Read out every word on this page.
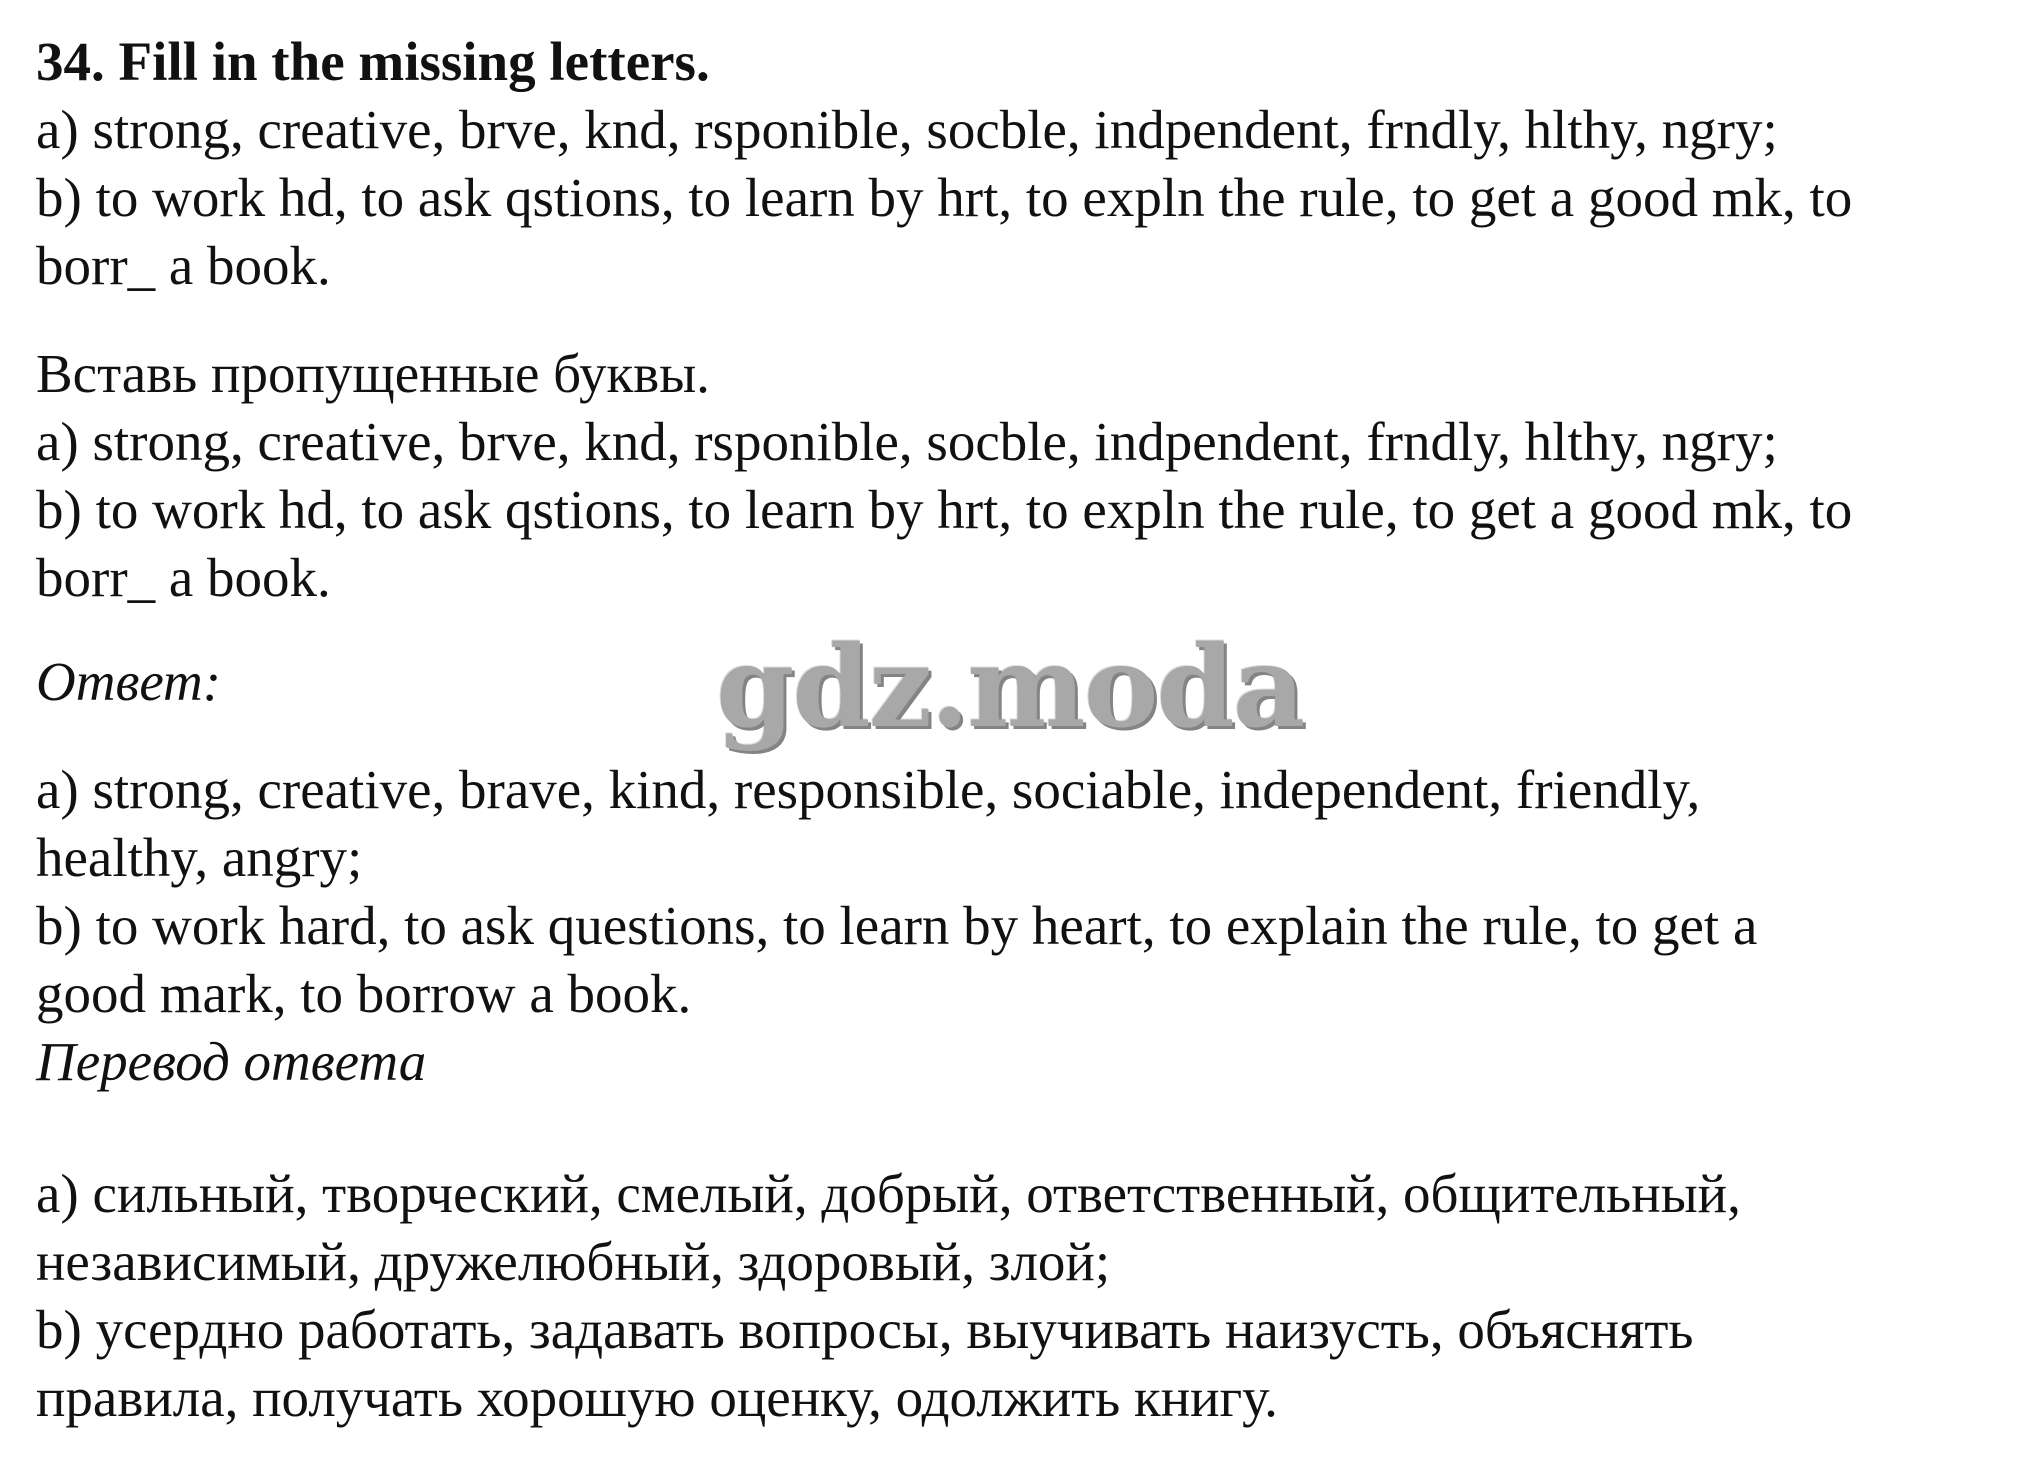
34. Fill in the missing letters.
a) strong, creative, brve, knd, rsponible, socble, indpendent, frndly, hlthy, ngry;
b) to work hd, to ask qstions, to learn by hrt, to expln the rule, to get a good mk, to
borr_ a book.
Вставь пропущенные буквы.
a) strong, creative, brve, knd, rsponible, socble, indpendent, frndly, hlthy, ngry;
b) to work hd, to ask qstions, to learn by hrt, to expln the rule, to get a good mk, to
borr_ a book.
Ответ:
a) strong, creative, brave, kind, responsible, sociable, independent, friendly,
healthy, angry;
b) to work hard, to ask questions, to learn by heart, to explain the rule, to get a
good mark, to borrow a book.
Перевод ответа
а) сильный, творческий, смелый, добрый, ответственный, общительный,
независимый, дружелюбный, здоровый, злой;
b) усердно работать, задавать вопросы, выучивать наизусть, объяснять
правила, получать хорошую оценку, одолжить книгу.
gdz.moda
